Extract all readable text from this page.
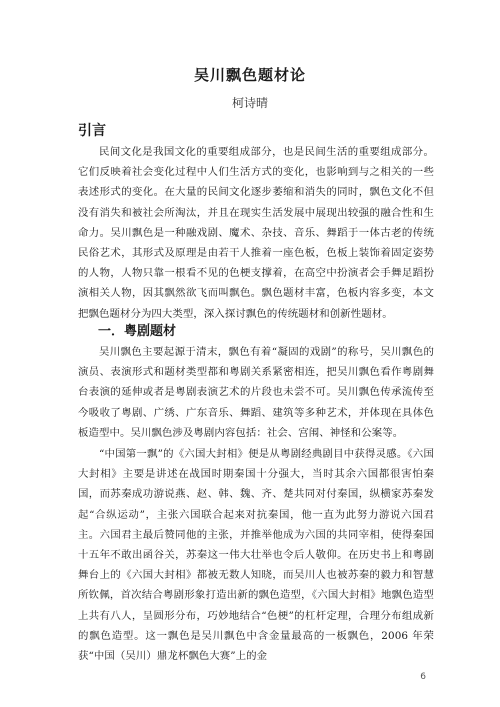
吴川飘色题材论
柯诗晴
引言

民间文化是我国文化的重要组成部分，也是民间生活的重要组成部分。它们反映着社会变化过程中人们生活方式的变化，也影响到与之相关的一些表述形式的变化。在大量的民间文化逐步萎缩和消失的同时，飘色文化不但没有消失和被社会所淘汰，并且在现实生活发展中展现出较强的融合性和生命力。吴川飘色是一种融戏剧、魔术、杂技、音乐、舞蹈于一体古老的传统民俗艺术，其形式及原理是由若干人推着一座色板，色板上装饰着固定姿势的人物，人物只靠一根看不见的色梗支撑着，在高空中扮演者会手舞足蹈扮演相关人物，因其飘然欲飞而叫飘色。飘色题材丰富，色板内容多变，本文把飘色题材分为四大类型，深入探讨飘色的传统题材和创新性题材。

一．粤剧题材

吴川飘色主要起源于清末，飘色有着“凝固的戏剧”的称号，吴川飘色的演员、表演形式和题材类型都和粤剧关系紧密相连，把吴川飘色看作粤剧舞台表演的延伸或者是粤剧表演艺术的片段也未尝不可。吴川飘色传承流传至今吸收了粤剧、广绣、广东音乐、舞蹈、建筑等多种艺术，并体现在具体色板造型中。吴川飘色涉及粤剧内容包括：社会、宫闱、神怪和公案等。

“中国第一飘”的《六国大封相》便是从粤剧经典剧目中获得灵感。《六国大封相》主要是讲述在战国时期秦国十分强大，当时其余六国都很害怕秦国，而苏秦成功游说燕、赵、韩、魏、齐、楚共同对付秦国，纵横家苏秦发起“合纵运动”，主张六国联合起来对抗秦国，他一直为此努力游说六国君主。六国君主最后赞同他的主张，并推举他成为六国的共同宰相，使得秦国十五年不敢出函谷关，苏秦这一伟大壮举也令后人敬仰。在历史书上和粤剧舞台上的《六国大封相》都被无数人知晓，而吴川人也被苏秦的毅力和智慧所钦佩，首次结合粤剧形象打造出新的飘色造型，《六国大封相》地飘色造型上共有八人，呈圆形分布，巧妙地结合“色梗”的杠杆定理，合理分布组成新的飘色造型。这一飘色是吴川飘色中含金量最高的一板飘色，2006 年荣获“中国（吴川）鼎龙杯飘色大赛”上的金

6
